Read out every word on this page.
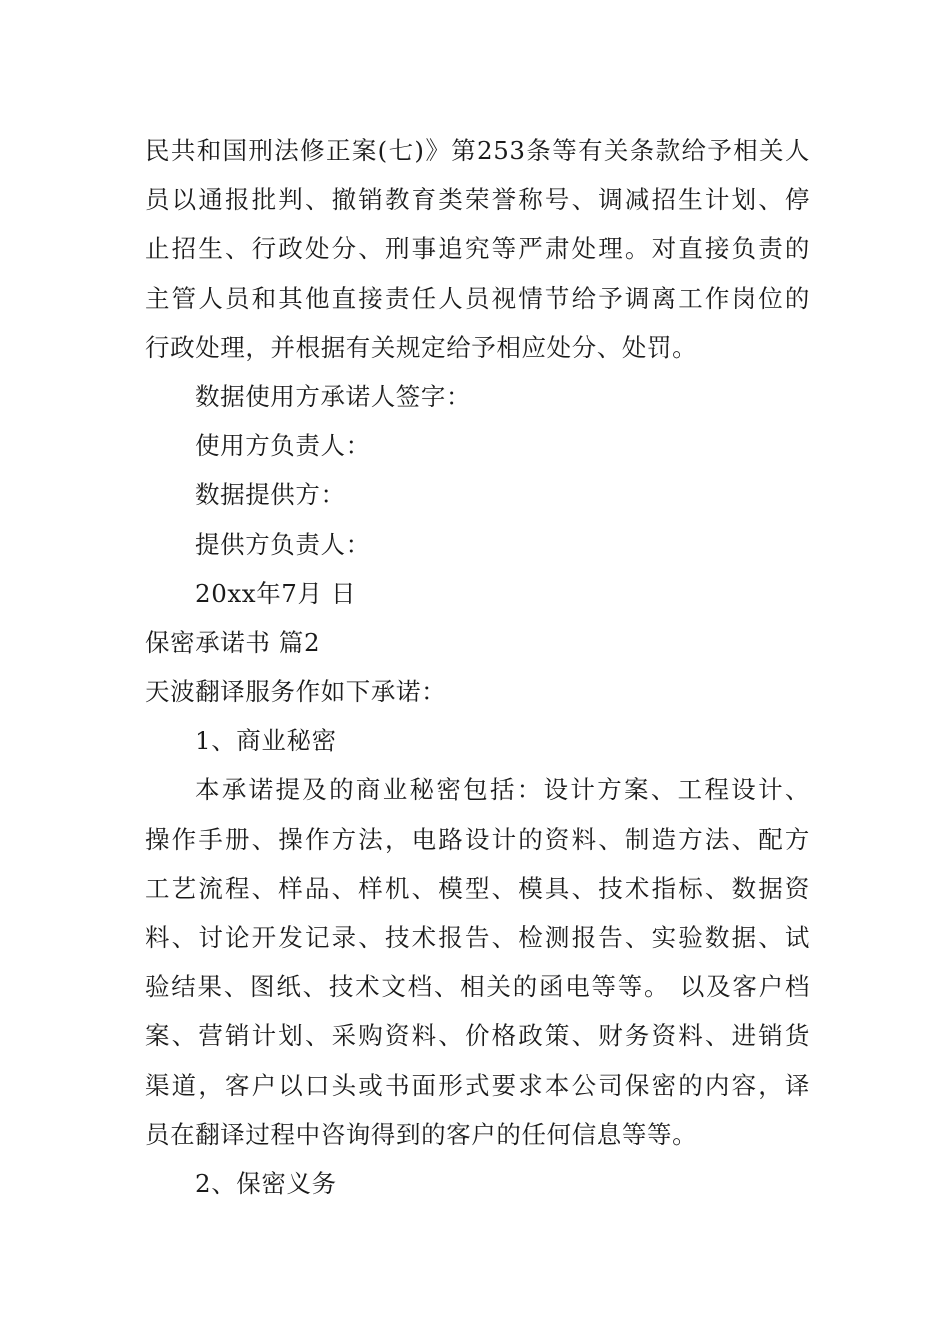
民共和国刑法修正案(七)》第253条等有关条款给予相关人
员以通报批判、撤销教育类荣誉称号、调减招生计划、停
止招生、行政处分、刑事追究等严肃处理。对直接负责的
主管人员和其他直接责任人员视情节给予调离工作岗位的
行政处理，并根据有关规定给予相应处分、处罚。
数据使用方承诺人签字：
使用方负责人：
数据提供方：
提供方负责人：
20xx年7月 日
保密承诺书 篇2
天波翻译服务作如下承诺：
1、商业秘密
本承诺提及的商业秘密包括：设计方案、工程设计、
操作手册、操作方法，电路设计的资料、制造方法、配方
工艺流程、样品、样机、模型、模具、技术指标、数据资
料、讨论开发记录、技术报告、检测报告、实验数据、试
验结果、图纸、技术文档、相关的函电等等。 以及客户档
案、营销计划、采购资料、价格政策、财务资料、进销货
渠道，客户以口头或书面形式要求本公司保密的内容，译
员在翻译过程中咨询得到的客户的任何信息等等。
2、保密义务
